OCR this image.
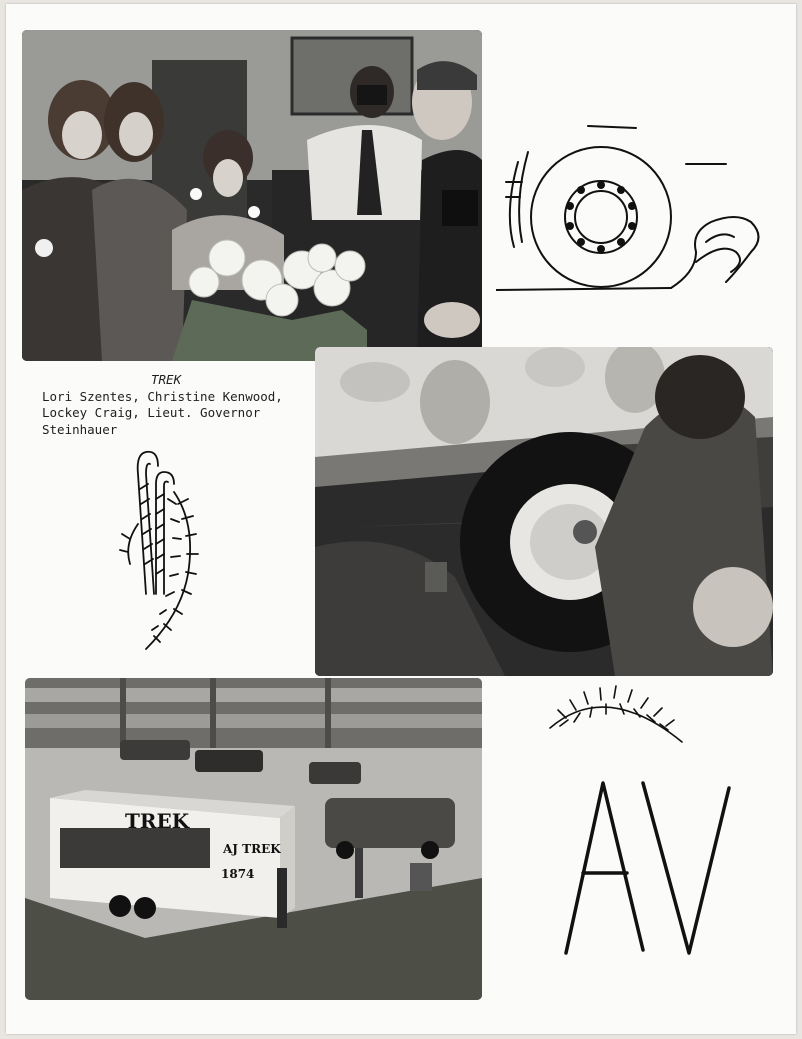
TREK
Lori Szentes, Christine Kenwood, Lockey Craig, Lieut. Governor Steinhauer
TREK
AJ TREK
1874
AV
